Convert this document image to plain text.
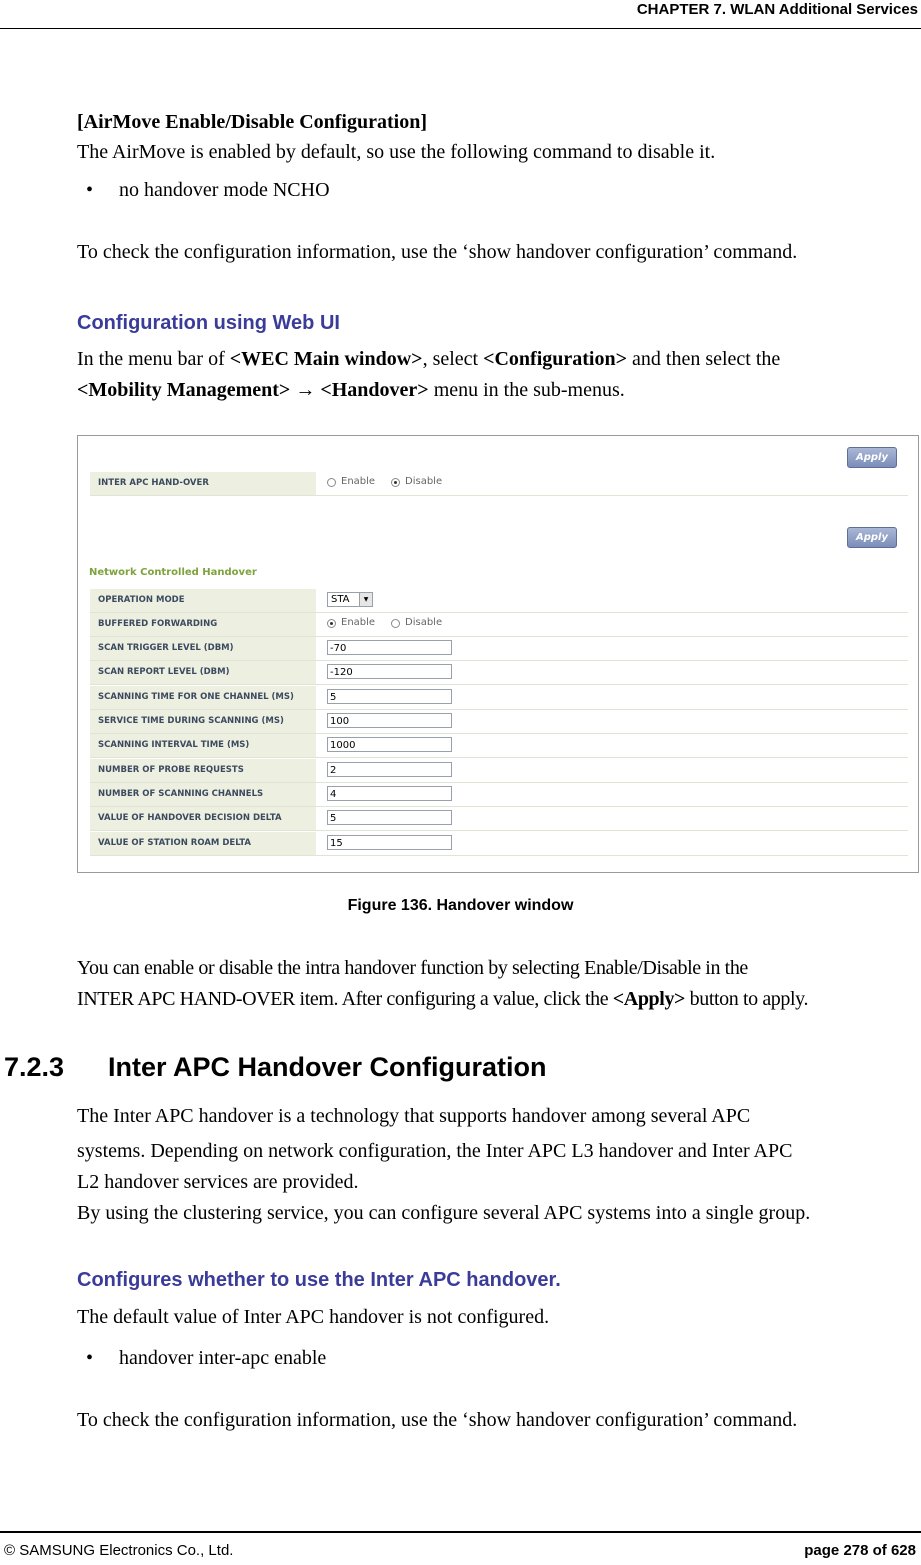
CHAPTER 7. WLAN Additional Services
[AirMove Enable/Disable Configuration]
The AirMove is enabled by default, so use the following command to disable it.
• no handover mode NCHO
To check the configuration information, use the ‘show handover configuration’ command.
Configuration using Web UI
In the menu bar of <WEC Main window>, select <Configuration> and then select the
<Mobility Management> → <Handover> menu in the sub-menus.
Apply
INTER APC HAND-OVER	Enable	Disable
Apply
Network Controlled Handover
OPERATION MODE	STA	▼
BUFFERED FORWARDING	Enable	Disable
SCAN TRIGGER LEVEL (DBM)	-70
SCAN REPORT LEVEL (DBM)	-120
SCANNING TIME FOR ONE CHANNEL (MS)	5
SERVICE TIME DURING SCANNING (MS)	100
SCANNING INTERVAL TIME (MS)	1000
NUMBER OF PROBE REQUESTS	2
NUMBER OF SCANNING CHANNELS	4
VALUE OF HANDOVER DECISION DELTA	5
VALUE OF STATION ROAM DELTA	15
Figure 136. Handover window
You can enable or disable the intra handover function by selecting Enable/Disable in the
INTER APC HAND-OVER item. After configuring a value, click the <Apply> button to apply.
7.2.3 Inter APC Handover Configuration
The Inter APC handover is a technology that supports handover among several APC
systems. Depending on network configuration, the Inter APC L3 handover and Inter APC
L2 handover services are provided.
By using the clustering service, you can configure several APC systems into a single group.
Configures whether to use the Inter APC handover.
The default value of Inter APC handover is not configured.
• handover inter-apc enable
To check the configuration information, use the ‘show handover configuration’ command.
© SAMSUNG Electronics Co., Ltd.	page 278 of 628
